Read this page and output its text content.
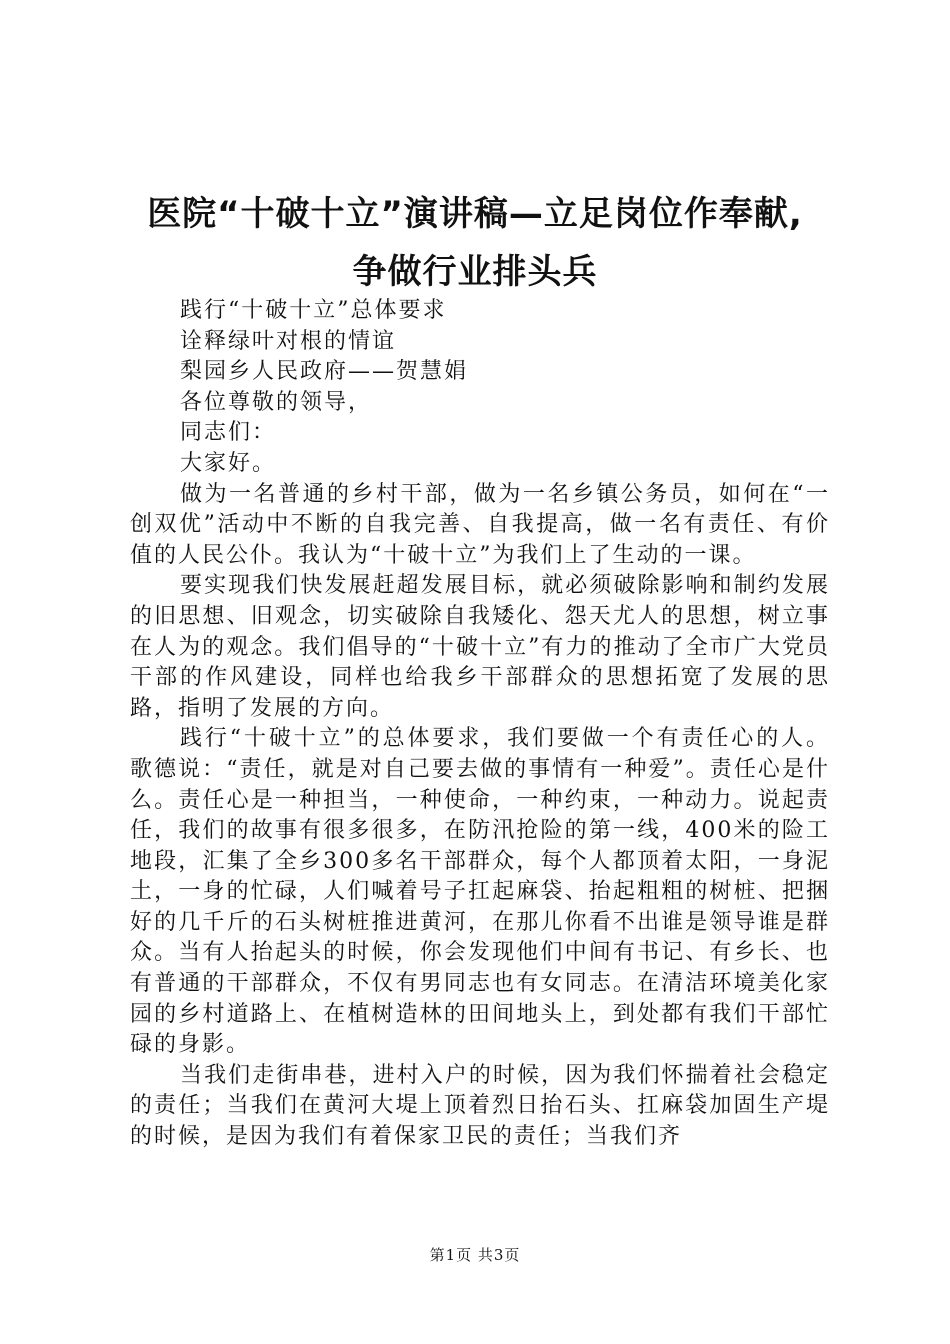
医院“十破十立”演讲稿—立足岗位作奉献,
争做行业排头兵

践行“十破十立”总体要求

诠释绿叶对根的情谊

梨园乡人民政府——贺慧娟

各位尊敬的领导，

同志们：

大家好。

做为一名普通的乡村干部，做为一名乡镇公务员，如何在“一创双优”活动中不断的自我完善、自我提高，做一名有责任、有价值的人民公仆。我认为“十破十立”为我们上了生动的一课。

要实现我们快发展赶超发展目标，就必须破除影响和制约发展的旧思想、旧观念，切实破除自我矮化、怨天尤人的思想，树立事在人为的观念。我们倡导的“十破十立”有力的推动了全市广大党员干部的作风建设，同样也给我乡干部群众的思想拓宽了发展的思路，指明了发展的方向。

践行“十破十立”的总体要求，我们要做一个有责任心的人。歌德说：“责任，就是对自己要去做的事情有一种爱”。责任心是什么。责任心是一种担当，一种使命，一种约束，一种动力。说起责任，我们的故事有很多很多，在防汛抢险的第一线，400米的险工地段，汇集了全乡300多名干部群众，每个人都顶着太阳，一身泥土，一身的忙碌，人们喊着号子扛起麻袋、抬起粗粗的树桩、把捆好的几千斤的石头树桩推进黄河，在那儿你看不出谁是领导谁是群众。当有人抬起头的时候，你会发现他们中间有书记、有乡长、也有普通的干部群众，不仅有男同志也有女同志。在清洁环境美化家园的乡村道路上、在植树造林的田间地头上，到处都有我们干部忙碌的身影。

当我们走街串巷，进村入户的时候，因为我们怀揣着社会稳定的责任；当我们在黄河大堤上顶着烈日抬石头、扛麻袋加固生产堤的时候，是因为我们有着保家卫民的责任；当我们齐

第1页 共3页
